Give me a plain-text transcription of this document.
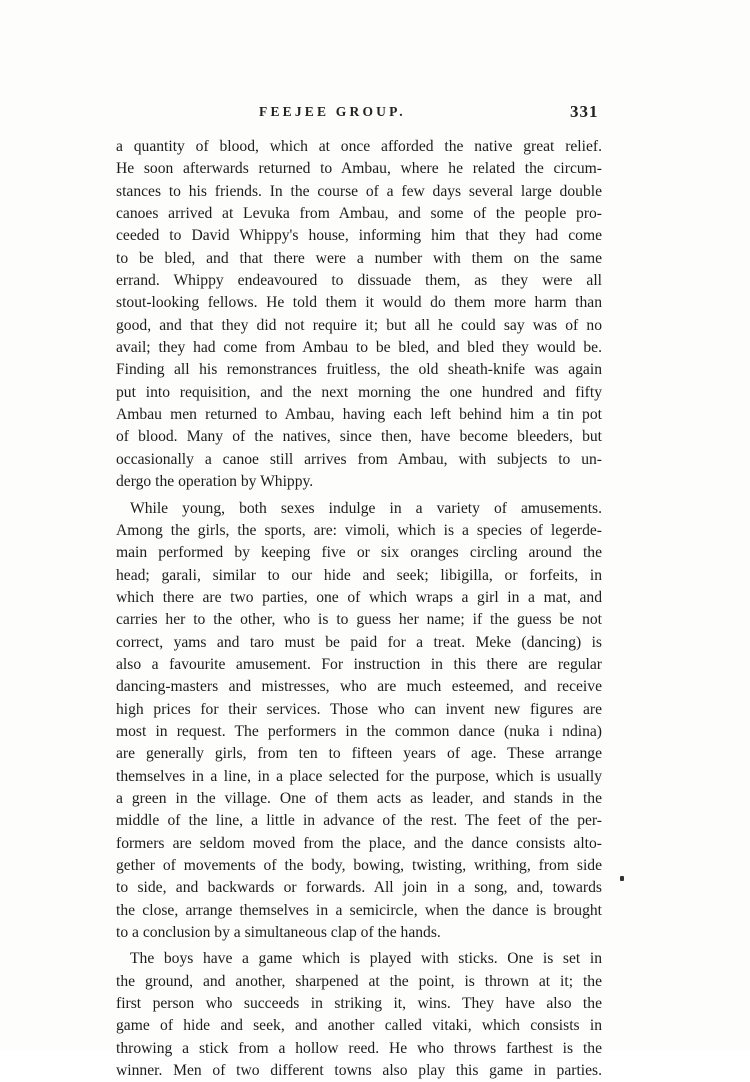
FEEJEE GROUP.	331

a quantity of blood, which at once afforded the native great relief.
He soon afterwards returned to Ambau, where he related the circum-
stances to his friends. In the course of a few days several large double
canoes arrived at Levuka from Ambau, and some of the people pro-
ceeded to David Whippy's house, informing him that they had come
to be bled, and that there were a number with them on the same
errand. Whippy endeavoured to dissuade them, as they were all
stout-looking fellows. He told them it would do them more harm than
good, and that they did not require it; but all he could say was of no
avail; they had come from Ambau to be bled, and bled they would be.
Finding all his remonstrances fruitless, the old sheath-knife was again
put into requisition, and the next morning the one hundred and fifty
Ambau men returned to Ambau, having each left behind him a tin pot
of blood. Many of the natives, since then, have become bleeders, but
occasionally a canoe still arrives from Ambau, with subjects to un-
dergo the operation by Whippy.

While young, both sexes indulge in a variety of amusements.
Among the girls, the sports, are: vimoli, which is a species of legerde-
main performed by keeping five or six oranges circling around the
head; garali, similar to our hide and seek; libigilla, or forfeits, in
which there are two parties, one of which wraps a girl in a mat, and
carries her to the other, who is to guess her name; if the guess be not
correct, yams and taro must be paid for a treat. Meke (dancing) is
also a favourite amusement. For instruction in this there are regular
dancing-masters and mistresses, who are much esteemed, and receive
high prices for their services. Those who can invent new figures are
most in request. The performers in the common dance (nuka i ndina)
are generally girls, from ten to fifteen years of age. These arrange
themselves in a line, in a place selected for the purpose, which is usually
a green in the village. One of them acts as leader, and stands in the
middle of the line, a little in advance of the rest. The feet of the per-
formers are seldom moved from the place, and the dance consists alto-
gether of movements of the body, bowing, twisting, writhing, from side
to side, and backwards or forwards. All join in a song, and, towards
the close, arrange themselves in a semicircle, when the dance is brought
to a conclusion by a simultaneous clap of the hands.

The boys have a game which is played with sticks. One is set in
the ground, and another, sharpened at the point, is thrown at it; the
first person who succeeds in striking it, wins. They have also the
game of hide and seek, and another called vitaki, which consists in
throwing a stick from a hollow reed. He who throws farthest is the
winner. Men of two different towns also play this game in parties.
